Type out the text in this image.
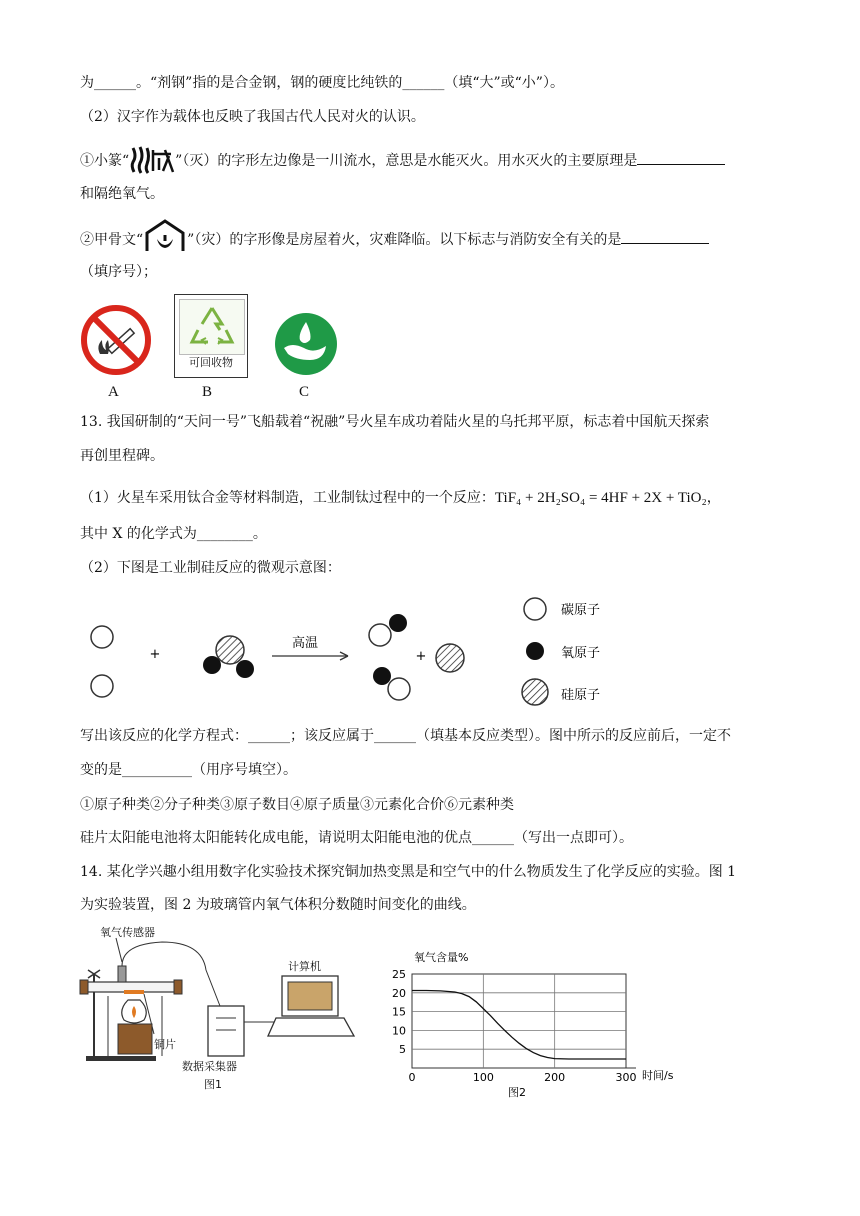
为______。“剂钢”指的是合金钢，钢的硬度比纯铁的______（填“大”或“小”）。
（2）汉字作为载体也反映了我国古代人民对火的认识。
①小篆“	”（灭）的字形左边像是一川流水，意思是水能灭火。用水灭火的主要原理是
和隔绝氧气。
②甲骨文“	”（灾）的字形像是房屋着火，灾难降临。以下标志与消防安全有关的是
（填序号）；
A
可回收物
B	C
13. 我国研制的“天问一号”飞船载着“祝融”号火星车成功着陆火星的乌托邦平原，标志着中国航天探索
再创里程碑。
（1）火星车采用钛合金等材料制造，工业制钛过程中的一个反应：TiF₄ + 2H₂SO₄ = 4HF + 2X + TiO₂，
其中 X 的化学式为________。
（2）下图是工业制硅反应的微观示意图：
+
高温
+
碳原子
氧原子
硅原子
写出该反应的化学方程式：______；该反应属于______（填基本反应类型）。图中所示的反应前后，一定不
变的是__________（用序号填空）。
①原子种类②分子种类③原子数目④原子质量③元素化合价⑥元素种类
硅片太阳能电池将太阳能转化成电能，请说明太阳能电池的优点______（写出一点即可）。
14. 某化学兴趣小组用数字化实验技术探究铜加热变黑是和空气中的什么物质发生了化学反应的实验。图 1
为实验装置，图 2 为玻璃管内氧气体积分数随时间变化的曲线。
氧气传感器
铜片
数据采集器
计算机
图1
5
10
15
20
25
0	100	200	300
氧气含量%
时间/s
图2
